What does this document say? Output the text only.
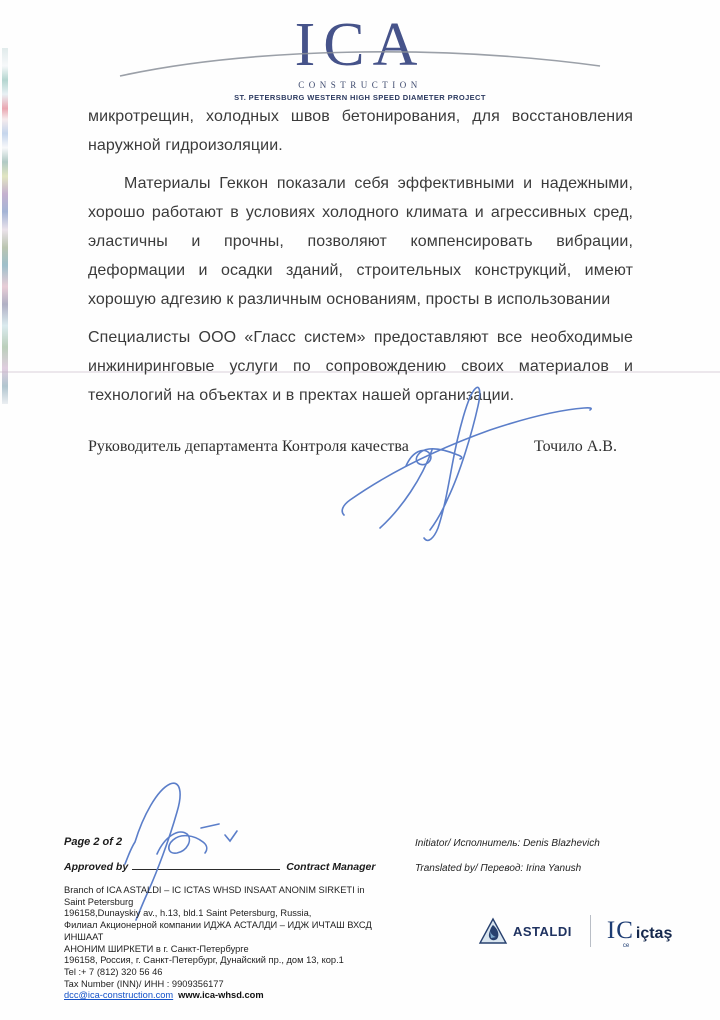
ICA
CONSTRUCTION
ST. PETERSBURG WESTERN HIGH SPEED DIAMETER PROJECT

микротрещин, холодных швов бетонирования, для восстановления наружной гидроизоляции.

Материалы Геккон показали себя эффективными и надежными, хорошо работают в условиях холодного климата и агрессивных сред, эластичны и прочны, позволяют компенсировать вибрации, деформации и осадки зданий, строительных конструкций, имеют хорошую адгезию к различным основаниям, просты в использовании

Специалисты ООО «Гласс систем» предоставляют все необходимые инжиниринговые услуги по сопровождению своих материалов и технологий на объектах и в пректах нашей организации.

Руководитель департамента Контроля качества	Точило А.В.
Page 2 of 2
Approved by	Contract Manager
Initiator/ Исполнитель: Denis Blazhevich
Translated by/ Перевод: Irina Yanush
Branch of ICA ASTALDI – IC ICTAS WHSD INSAAT ANONIM SIRKETI in
Saint Petersburg
196158,Dunayskiy av., h.13, bld.1 Saint Petersburg, Russia,
Филиал Акционерной компании ИДЖА АСТАЛДИ – ИДЖ ИЧТАШ ВХСД ИНШААТ
АНОНИМ ШИРКЕТИ в г. Санкт-Петербурге
196158, Россия, г. Санкт-Петербург, Дунайский пр., дом 13, кор.1
Tel :+ 7 (812) 320 56 46
Tax Number (INN)/ ИНН : 9909356177
dcc@ica-construction.com www.ica-whsd.com
ASTALDI IC
ce
içtaş
